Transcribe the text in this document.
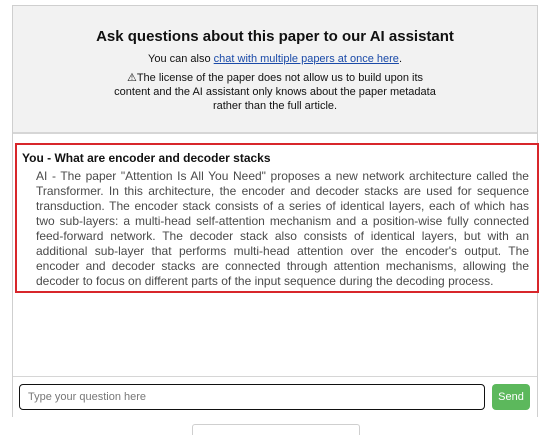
Ask questions about this paper to our AI assistant
You can also chat with multiple papers at once here.
⚠The license of the paper does not allow us to build upon its content and the AI assistant only knows about the paper metadata rather than the full article.

You - What are encoder and decoder stacks

AI - The paper "Attention Is All You Need" proposes a new network architecture called the Transformer. In this architecture, the encoder and decoder stacks are used for sequence transduction. The encoder stack consists of a series of identical layers, each of which has two sub-layers: a multi-head self-attention mechanism and a position-wise fully connected feed-forward network. The decoder stack also consists of identical layers, but with an additional sub-layer that performs multi-head attention over the encoder's output. The encoder and decoder stacks are connected through attention mechanisms, allowing the decoder to focus on different parts of the input sequence during the decoding process.
Type your question here
Send
